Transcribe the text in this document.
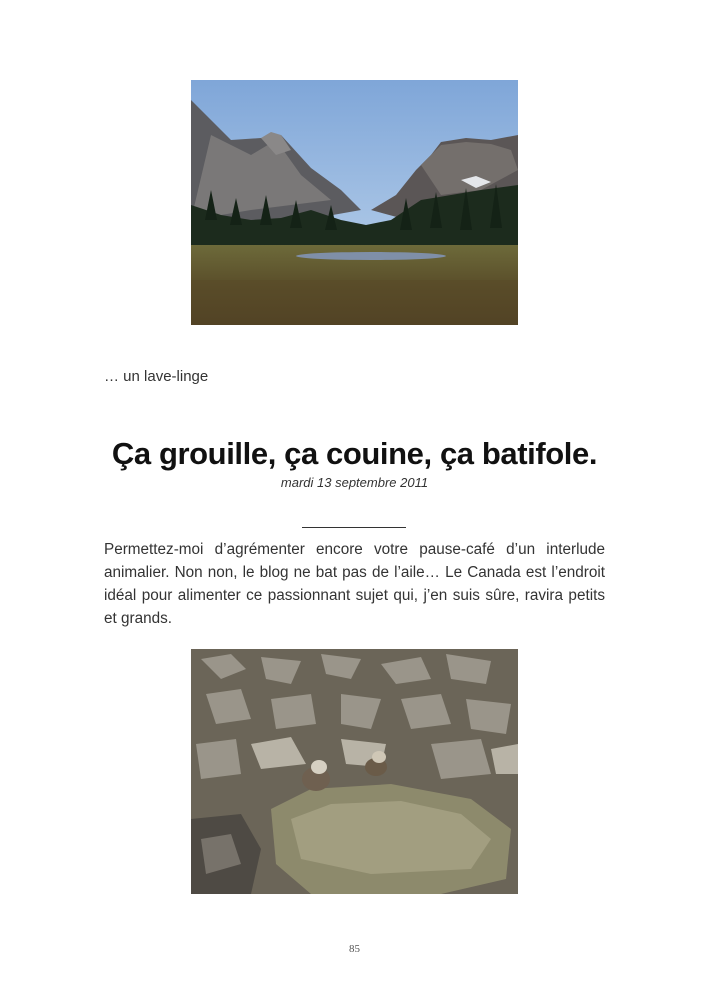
… un lave-linge
Ça grouille, ça couine, ça batifole.
mardi 13 septembre 2011
Permettez-moi d’agrémenter encore votre pause-café d’un interlude animalier. Non non, le blog ne bat pas de l’aile… Le Canada est l’endroit idéal pour alimenter ce passionnant sujet qui, j’en suis sûre, ravira petits et grands.
85
